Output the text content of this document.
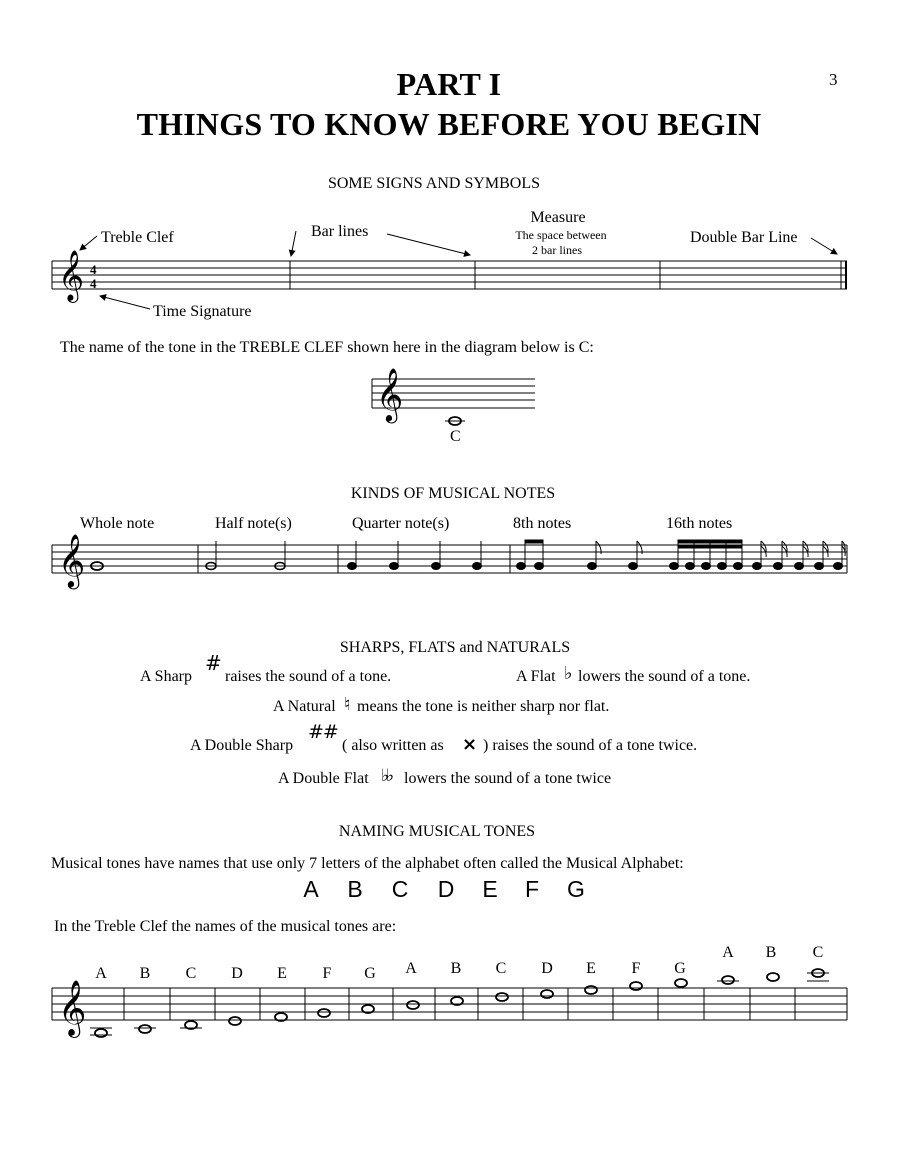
3
PART I
THINGS TO KNOW BEFORE YOU BEGIN
SOME SIGNS AND SYMBOLS
Treble Clef	Bar lines
Measure
The space between
2 bar lines
Double Bar Line
Time Signature
The name of the tone in the TREBLE CLEF shown here in the diagram below is C:
C
KINDS OF MUSICAL NOTES
Whole note	Half note(s)	Quarter note(s)	8th notes	16th notes
SHARPS, FLATS and NATURALS
A Sharp
#
raises the sound of a tone.	A Flat ♭ lowers the sound of a tone.
A Natural ♮ means the tone is neither sharp nor flat.
A Double Sharp
##
( also written as × ) raises the sound of a tone twice.
A Double Flat ♭♭ lowers the sound of a tone twice
NAMING MUSICAL TONES
Musical tones have names that use only 7 letters of the alphabet often called the Musical Alphabet:
A B C D E F G
In the Treble Clef the names of the musical tones are:
A B C D E F G A B C D E F G
A B C
𝄞 4
4
𝄞
𝄞
𝄞
